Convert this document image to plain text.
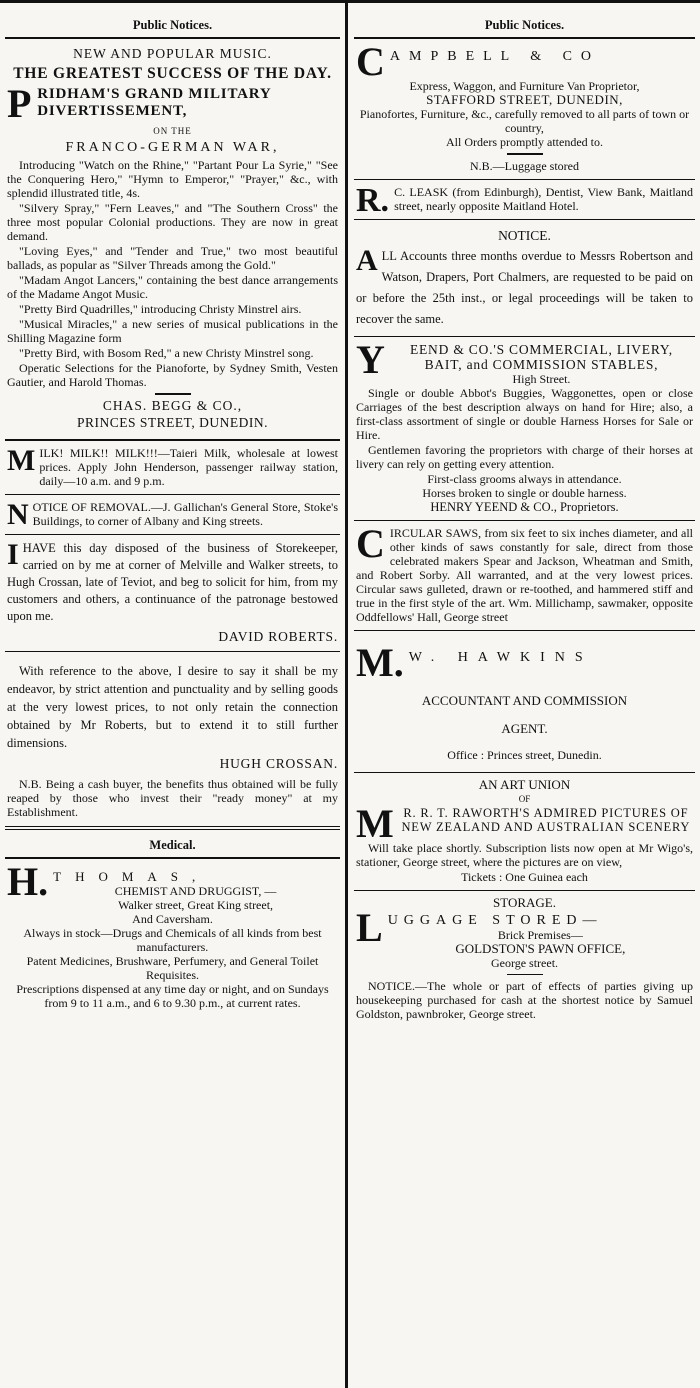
Public Notices.
NEW AND POPULAR MUSIC.
THE GREATEST SUCCESS OF THE DAY.
P RIDHAM'S GRAND MILITARY DIVERTISSEMENT,
ON THE
FRANCO-GERMAN WAR,

Introducing "Watch on the Rhine," "Partant Pour La Syrie," "See the Conquering Hero," "Hymn to Emperor," "Prayer," &c., with splendid illustrated title, 4s.

"Silvery Spray," "Fern Leaves," and "The Southern Cross" the three most popular Colonial productions. They are now in great demand.

"Loving Eyes," and "Tender and True," two most beautiful ballads, as popular as "Silver Threads among the Gold."

"Madam Angot Lancers," containing the best dance arrangements of the Madame Angot Music.

"Pretty Bird Quadrilles," introducing Christy Minstrel airs.

"Musical Miracles," a new series of musical publications in the Shilling Magazine form

"Pretty Bird, with Bosom Red," a new Christy Minstrel song.

Operatic Selections for the Pianoforte, by Sydney Smith, Vesten Gautier, and Harold Thomas.

CHAS. BEGG & CO.,
PRINCES STREET, DUNEDIN.
M ILK! MILK!! MILK!!!—Taieri Milk, wholesale at lowest prices. Apply John Henderson, passenger railway station, daily—10 a.m. and 9 p.m.
N OTICE OF REMOVAL.—J. Gallichan's General Store, Stoke's Buildings, to corner of Albany and King streets.
I HAVE this day disposed of the business of Storekeeper, carried on by me at corner of Melville and Walker streets, to Hugh Crossan, late of Teviot, and beg to solicit for him, from my customers and others, a continuance of the patronage bestowed upon me.
DAVID ROBERTS.

With reference to the above, I desire to say it shall be my endeavor, by strict attention and punctuality and by selling goods at the very lowest prices, to not only retain the connection obtained by Mr Roberts, but to extend it to still further dimensions.

HUGH CROSSAN.

N.B. Being a cash buyer, the benefits thus obtained will be fully reaped by those who invest their "ready money" at my Establishment.

Medical.
H. THOMAS,
CHEMIST AND DRUGGIST, —
Walker street, Great King street,
And Caversham.
Always in stock—Drugs and Chemicals of all kinds from best manufacturers.
Patent Medicines, Brushware, Perfumery, and General Toilet Requisites.
Prescriptions dispensed at any time day or night, and on Sundays from 9 to 11 a.m., and 6 to 9.30 p.m., at current rates.
Public Notices.
C AMPBELL & CO
Express, Waggon, and Furniture Van Proprietor,
STAFFORD STREET, DUNEDIN,
Pianofortes, Furniture, &c., carefully removed to all parts of town or country,
All Orders promptly attended to.
N.B.—Luggage stored
R. C. LEASK (from Edinburgh), Dentist, View Bank, Maitland street, nearly opposite Maitland Hotel.
NOTICE.
A LL Accounts three months overdue to Messrs Robertson and Watson, Drapers, Port Chalmers, are requested to be paid on or before the 25th inst., or legal proceedings will be taken to recover the same.
Y	EEND & CO.'S COMMERCIAL, LIVERY, BAIT, and COMMISSION STABLES,
High Street.

Single or double Abbot's Buggies, Waggonettes, open or close Carriages of the best description always on hand for Hire; also, a first-class assortment of single or double Harness Horses for Sale or Hire.

Gentlemen favoring the proprietors with charge of their horses at livery can rely on getting every attention.

First-class grooms always in attendance.
Horses broken to single or double harness.
HENRY YEEND & CO., Proprietors.
C IRCULAR SAWS, from six feet to six inches diameter, and all other kinds of saws constantly for sale, direct from those celebrated makers Spear and Jackson, Wheatman and Smith, and Robert Sorby. All warranted, and at the very lowest prices. Circular saws gulleted, drawn or re-toothed, and hammered stiff and true in the first style of the art. Wm. Millichamp, sawmaker, opposite Oddfellows' Hall, George street
M. W. HAWKINS
ACCOUNTANT AND COMMISSION
AGENT.
Office : Princes street, Dunedin.
AN ART UNION
OF
M R. R. T. RAWORTH'S ADMIRED PICTURES OF
NEW ZEALAND AND AUSTRALIAN SCENERY

Will take place shortly. Subscription lists now open at Mr Wigo's, stationer, George street, where the pictures are on view,

Tickets : One Guinea each
STORAGE.
L UGGAGE STORED—
Brick Premises—
GOLDSTON'S PAWN OFFICE,
George street.

NOTICE.—The whole or part of effects of parties giving up housekeeping purchased for cash at the shortest notice by Samuel Goldston, pawnbroker, George street.
